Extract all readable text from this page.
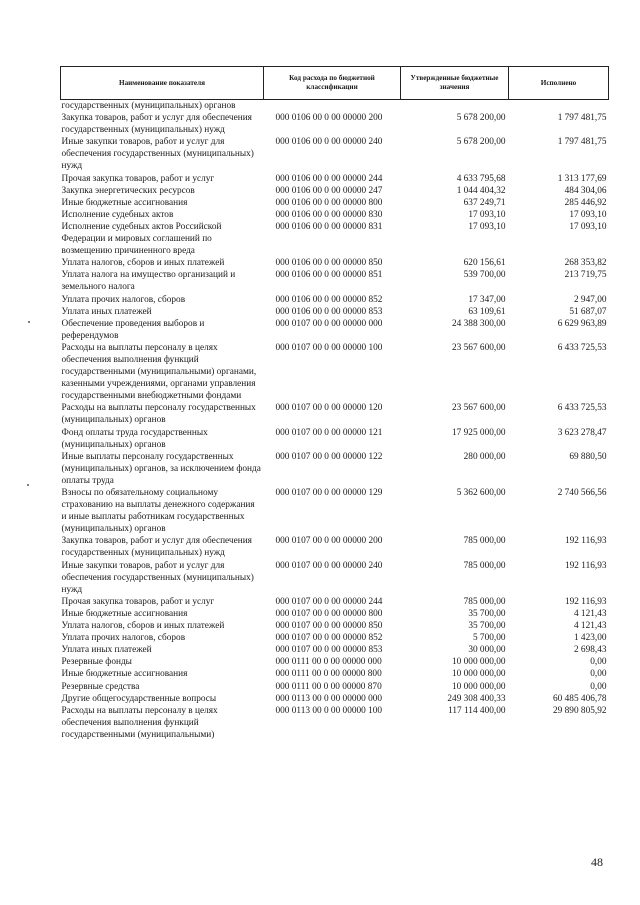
Наименование показателя	Код расхода по бюджетной классификации	Утвержденные бюджетные значения	Исполнено
государственных (муниципальных) органов			
Закупка товаров, работ и услуг для обеспечения государственных (муниципальных) нужд	000 0106 00 0 00 00000 200	5 678 200,00	1 797 481,75
Иные закупки товаров, работ и услуг для обеспечения государственных (муниципальных) нужд	000 0106 00 0 00 00000 240	5 678 200,00	1 797 481,75
Прочая закупка товаров, работ и услуг	000 0106 00 0 00 00000 244	4 633 795,68	1 313 177,69
Закупка энергетических ресурсов	000 0106 00 0 00 00000 247	1 044 404,32	484 304,06
Иные бюджетные ассигнования	000 0106 00 0 00 00000 800	637 249,71	285 446,92
Исполнение судебных актов	000 0106 00 0 00 00000 830	17 093,10	17 093,10
Исполнение судебных актов Российской Федерации и мировых соглашений по возмещению причиненного вреда	000 0106 00 0 00 00000 831	17 093,10	17 093,10
Уплата налогов, сборов и иных платежей	000 0106 00 0 00 00000 850	620 156,61	268 353,82
Уплата налога на имущество организаций и земельного налога	000 0106 00 0 00 00000 851	539 700,00	213 719,75
Уплата прочих налогов, сборов	000 0106 00 0 00 00000 852	17 347,00	2 947,00
Уплата иных платежей	000 0106 00 0 00 00000 853	63 109,61	51 687,07
Обеспечение проведения выборов и референдумов	000 0107 00 0 00 00000 000	24 388 300,00	6 629 963,89
Расходы на выплаты персоналу в целях обеспечения выполнения функций государственными (муниципальными) органами, казенными учреждениями, органами управления государственными внебюджетными фондами	000 0107 00 0 00 00000 100	23 567 600,00	6 433 725,53
Расходы на выплаты персоналу государственных (муниципальных) органов	000 0107 00 0 00 00000 120	23 567 600,00	6 433 725,53
Фонд оплаты труда государственных (муниципальных) органов	000 0107 00 0 00 00000 121	17 925 000,00	3 623 278,47
Иные выплаты персоналу государственных (муниципальных) органов, за исключением фонда оплаты труда	000 0107 00 0 00 00000 122	280 000,00	69 880,50
Взносы по обязательному социальному страхованию на выплаты денежного содержания и иные выплаты работникам государственных (муниципальных) органов	000 0107 00 0 00 00000 129	5 362 600,00	2 740 566,56
Закупка товаров, работ и услуг для обеспечения государственных (муниципальных) нужд	000 0107 00 0 00 00000 200	785 000,00	192 116,93
Иные закупки товаров, работ и услуг для обеспечения государственных (муниципальных) нужд	000 0107 00 0 00 00000 240	785 000,00	192 116,93
Прочая закупка товаров, работ и услуг	000 0107 00 0 00 00000 244	785 000,00	192 116,93
Иные бюджетные ассигнования	000 0107 00 0 00 00000 800	35 700,00	4 121,43
Уплата налогов, сборов и иных платежей	000 0107 00 0 00 00000 850	35 700,00	4 121,43
Уплата прочих налогов, сборов	000 0107 00 0 00 00000 852	5 700,00	1 423,00
Уплата иных платежей	000 0107 00 0 00 00000 853	30 000,00	2 698,43
Резервные фонды	000 0111 00 0 00 00000 000	10 000 000,00	0,00
Иные бюджетные ассигнования	000 0111 00 0 00 00000 800	10 000 000,00	0,00
Резервные средства	000 0111 00 0 00 00000 870	10 000 000,00	0,00
Другие общегосударственные вопросы	000 0113 00 0 00 00000 000	249 308 400,33	60 485 406,78
Расходы на выплаты персоналу в целях обеспечения выполнения функций государственными (муниципальными)	000 0113 00 0 00 00000 100	117 114 400,00	29 890 805,92
48
